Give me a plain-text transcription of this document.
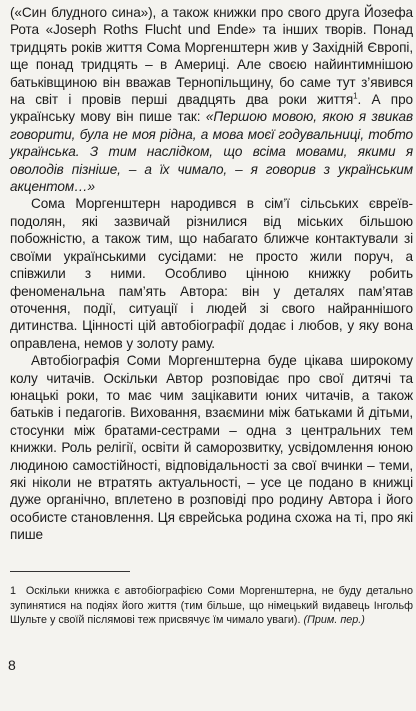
(«Син блудного сина»), а також книжки про свого друга Йозефа Рота «Joseph Roths Flucht und Ende» та інших творів. Понад тридцять років життя Сома Моргенштерн жив у Західній Європі, ще понад тридцять – в Америці. Але своєю найинтимнішою батьківщиною він вважав Тернопільщину, бо саме тут з’явився на світ і провів перші двадцять два роки життя$^1$. А про українську мову він пише так: «Першою мовою, якою я звикав говорити, була не моя рідна, а мова моєї годувальниці, тобто українська. З тим наслідком, що всіма мовами, якими я оволодів пізніше, – а їх чимало, – я говорив з українським акцентом…»

Сома Моргенштерн народився в сім’ї сільських євреїв-подолян, які зазвичай різнилися від міських більшою побожністю, а також тим, що набагато ближче контактували зі своїми українськими сусідами: не просто жили поруч, а співжили з ними. Особливо цінною книжку робить феноменальна пам’ять Автора: він у деталях пам’ятав оточення, події, ситуації і людей зі свого найраннішого дитинства. Цінності цій автобіографії додає і любов, у яку вона оправлена, немов у золоту раму.

Автобіографія Соми Моргенштерна буде цікава широкому колу читачів. Оскільки Автор розповідає про свої дитячі та юнацькі роки, то має чим зацікавити юних читачів, а також батьків і педагогів. Виховання, взаємини між батьками й дітьми, стосунки між братами-сестрами – одна з центральних тем книжки. Роль релігії, освіти й саморозвитку, усвідомлення юною людиною самостійності, відповідальності за свої вчинки – теми, які ніколи не втратять актуальності, – усе це подано в книжці дуже органічно, вплетено в розповіді про родину Автора і його особисте становлення. Ця єврейська родина схожа на ті, про які пише

1 Оскільки книжка є автобіографією Соми Моргенштерна, не буду детально зупинятися на подіях його життя (тим більше, що німецький видавець Інгольф Шульте у своїй післямові теж присвячує їм чимало уваги). (Прим. пер.)
8
